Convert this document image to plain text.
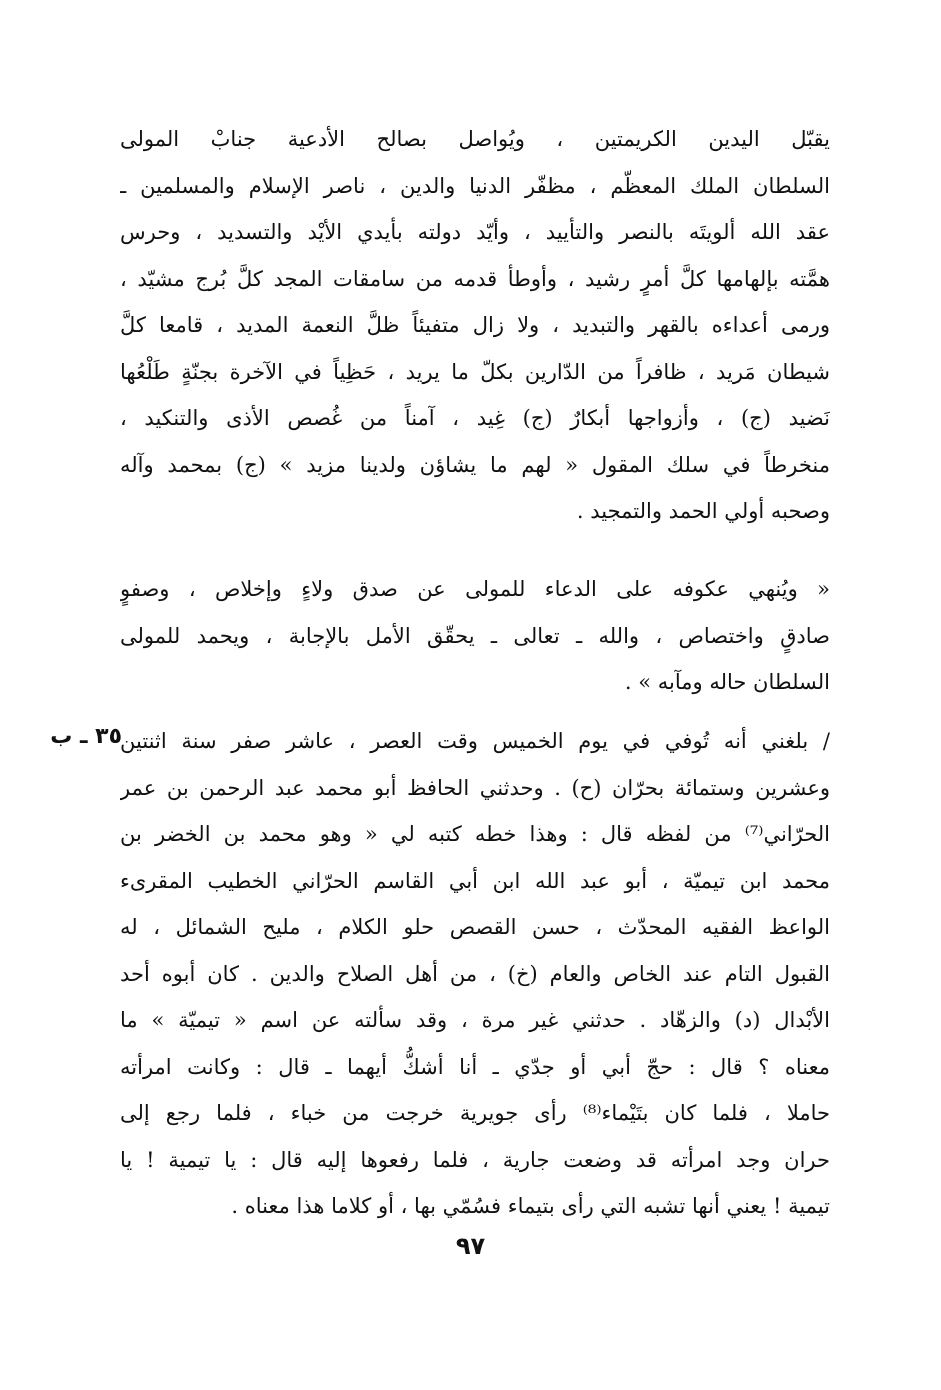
يقبّل اليدين الكريمتين ، ويُواصل بصالح الأدعية جنابْ المولى
السلطان الملك المعظّم ، مظفّر الدنيا والدين ، ناصر الإسلام والمسلمين ـ
عقد الله ألويتَه بالنصر والتأييد ، وأيّد دولته بأيدي الأيْد والتسديد ، وحرس
همَّته بإلهامها كلَّ أمرٍ رشيد ، وأوطأ قدمه من سامقات المجد كلَّ بُرج مشيّد ،
ورمى أعداءه بالقهر والتبديد ، ولا زال متفيئاً ظلَّ النعمة المديد ، قامعا كلَّ
شيطان مَريد ، ظافراً من الدّارين بكلّ ما يريد ، حَظِياً في الآخرة بجنّةٍ طَلْعُها
نَضيد (ج) ، وأزواجها أبكارٌ (ج) غِيد ، آمناً من غُصص الأذى والتنكيد ،
منخرطاً في سلك المقول « لهم ما يشاؤن ولدينا مزيد » (ج) بمحمد وآله
وصحبه أولي الحمد والتمجيد .
« ويُنهي عكوفه على الدعاء للمولى عن صدق ولاءٍ وإخلاص ، وصفوٍ
صادقٍ واختصاص ، والله ـ تعالى ـ يحقّق الأمل بالإجابة ، ويحمد للمولى
السلطان حاله ومآبه » .
٣٥ ـ ب
/ بلغني أنه تُوفي في يوم الخميس وقت العصر ، عاشر صفر سنة اثنتين
وعشرين وستمائة بحرّان (ح) . وحدثني الحافظ أبو محمد عبد الرحمن بن عمر
الحرّاني⁽⁷⁾ من لفظه قال : وهذا خطه كتبه لي « وهو محمد بن الخضر بن
محمد ابن تيميّة ، أبو عبد الله ابن أبي القاسم الحرّاني الخطيب المقرىء
الواعظ الفقيه المحدّث ، حسن القصص حلو الكلام ، مليح الشمائل ، له
القبول التام عند الخاص والعام (خ) ، من أهل الصلاح والدين . كان أبوه أحد
الأبْدال (د) والزهّاد . حدثني غير مرة ، وقد سألته عن اسم « تيميّة » ما
معناه ؟ قال : حجّ أبي أو جدّي ـ أنا أشكُّ أيهما ـ قال : وكانت امرأته
حاملا ، فلما كان بتَيْماء⁽⁸⁾ رأى جويرية خرجت من خباء ، فلما رجع إلى
حران وجد امرأته قد وضعت جارية ، فلما رفعوها إليه قال : يا تيمية ! يا
تيمية ! يعني أنها تشبه التي رأى بتيماء فسُمّي بها ، أو كلاما هذا معناه .
٩٧
